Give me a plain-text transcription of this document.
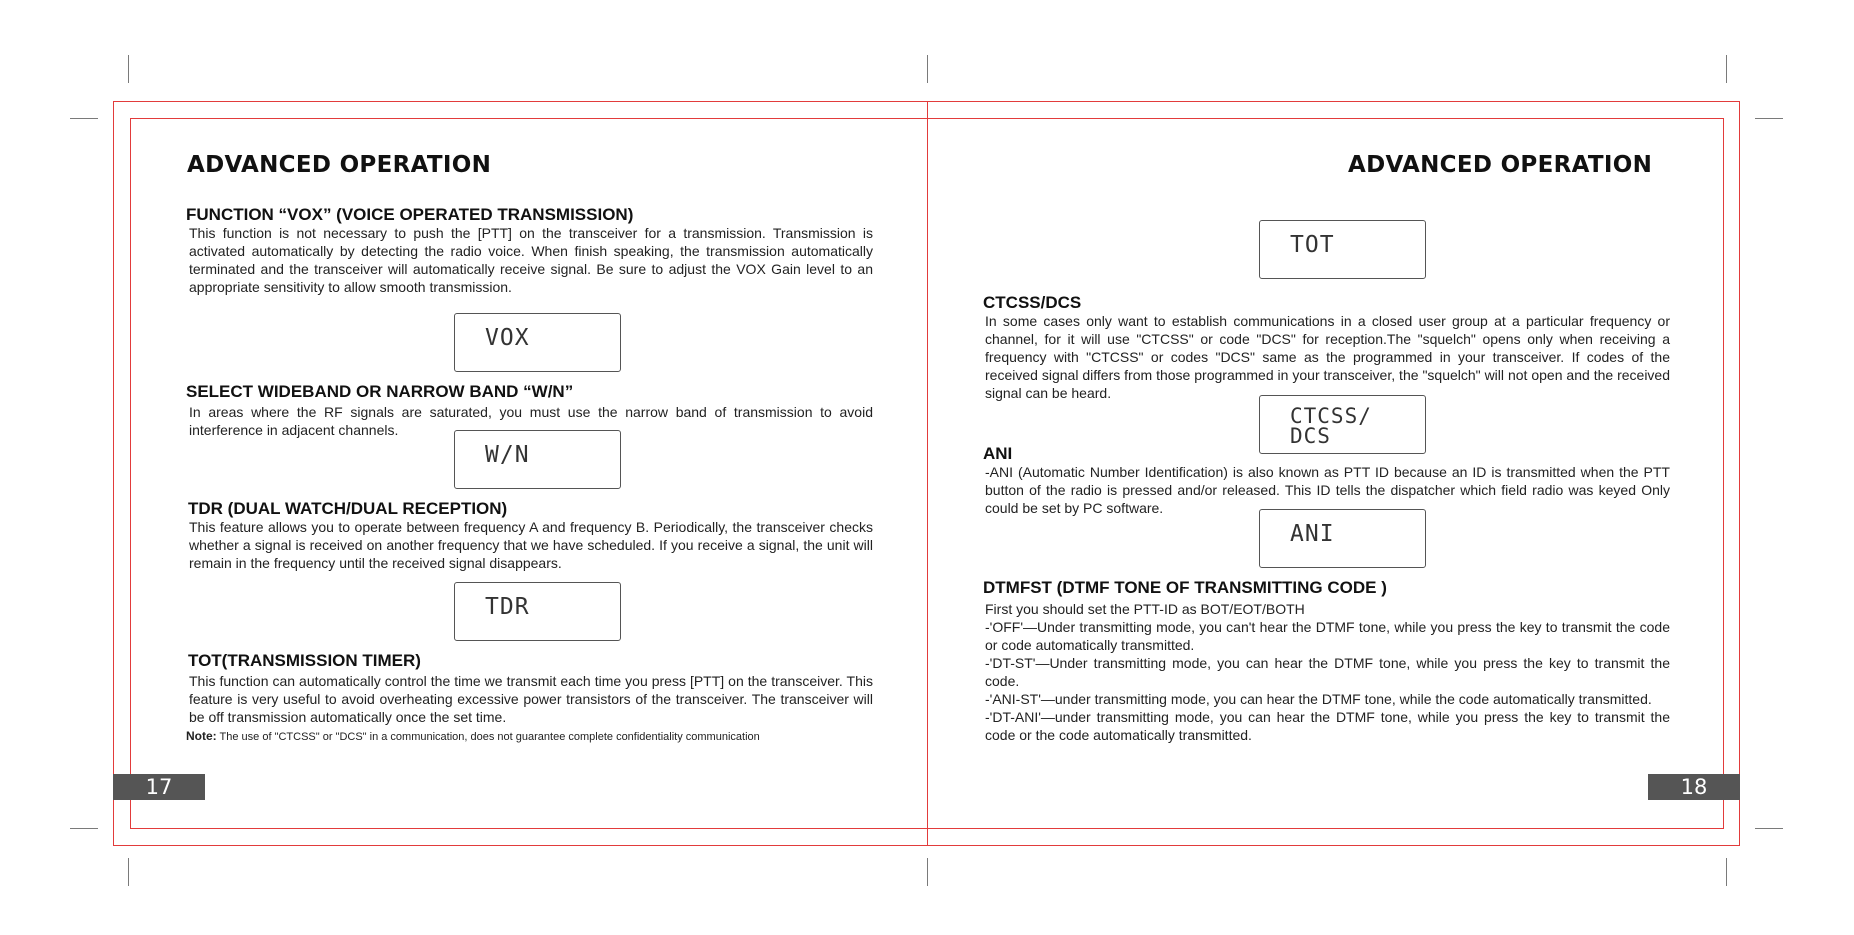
ADVANCED OPERATION
FUNCTION “VOX” (VOICE OPERATED TRANSMISSION)
This function is not necessary to push the [PTT] on the transceiver for a transmission. Transmission is activated automatically by detecting the radio voice. When finish speaking, the transmission automatically terminated and the transceiver will automatically receive signal. Be sure to adjust the VOX Gain level to an appropriate sensitivity to allow smooth transmission.
VOX
SELECT WIDEBAND OR NARROW BAND “W/N”
In areas where the RF signals are saturated, you must use the narrow band of transmission to avoid interference in adjacent channels.
W/N
TDR (DUAL WATCH/DUAL RECEPTION)
This feature allows you to operate between frequency A and frequency B. Periodically, the transceiver checks whether a signal is received on another frequency that we have scheduled. If you receive a signal, the unit will remain in the frequency until the received signal disappears.
TDR
TOT(TRANSMISSION TIMER)
This function can automatically control the time we transmit each time you press [PTT] on the transceiver. This feature is very useful to avoid overheating excessive power transistors of the transceiver. The transceiver will be off transmission automatically once the set time.
Note: The use of "CTCSS" or "DCS" in a communication, does not guarantee complete confidentiality communication
17
ADVANCED OPERATION
TOT
CTCSS/DCS
In some cases only want to establish communications in a closed user group at a particular frequency or channel, for it will use "CTCSS" or code "DCS" for reception.The "squelch" opens only when receiving a frequency with "CTCSS" or codes "DCS" same as the programmed in your transceiver. If codes of the received signal differs from those programmed in your transceiver, the "squelch" will not open and the received signal can be heard.
CTCSS/
DCS
ANI
-ANI (Automatic Number Identification) is also known as PTT ID because an ID is transmitted when the PTT button of the radio is pressed and/or released. This ID tells the dispatcher which field radio was keyed Only could be set by PC software.
ANI
DTMFST (DTMF TONE OF TRANSMITTING CODE )

First you should set the PTT-ID as BOT/EOT/BOTH

-'OFF'—Under transmitting mode, you can't hear the DTMF tone, while you press the key to transmit the code or code automatically transmitted.

-'DT-ST'—Under transmitting mode, you can hear the DTMF tone, while you press the key to transmit the code.

-'ANI-ST'—under transmitting mode, you can hear the DTMF tone, while the code automatically transmitted.

-'DT-ANI'—under transmitting mode, you can hear the DTMF tone, while you press the key to transmit the code or the code automatically transmitted.

18
